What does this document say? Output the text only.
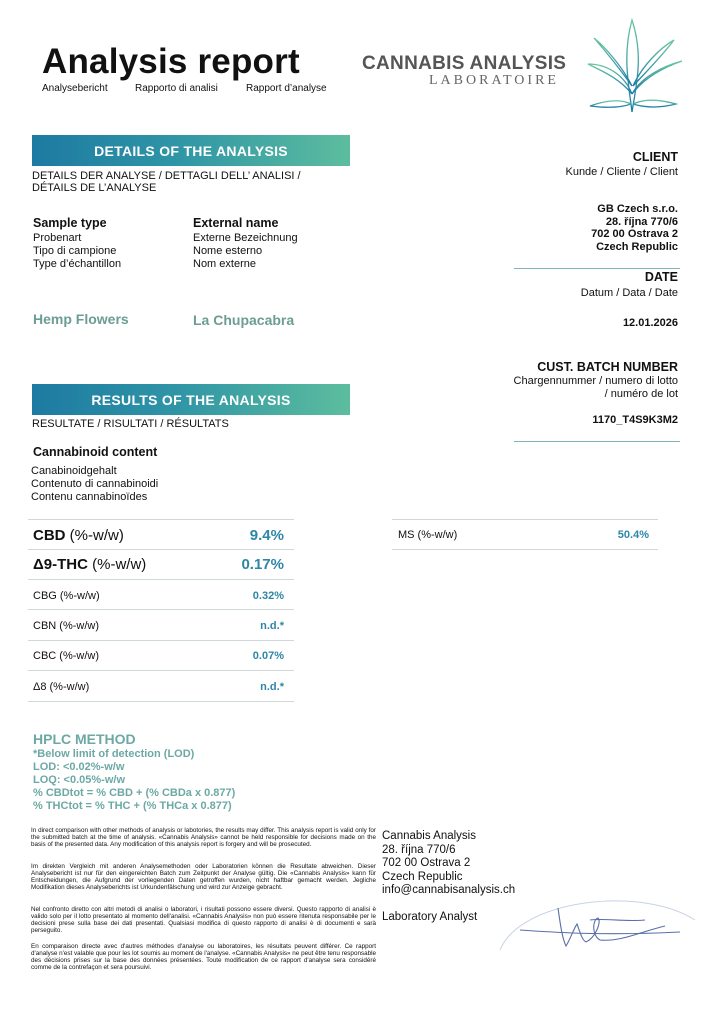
Analysis report
Analysebericht	Rapporto di analisi	Rapport d’analyse
CANNABIS ANALYSIS
LABORATOIRE
DETAILS OF THE ANALYSIS
DETAILS DER ANALYSE / DETTAGLI DELL’ ANALISI /
DÉTAILS DE L’ANALYSE
Sample type
Probenart
Tipo di campione
Type d’échantillon
External name
Externe Bezeichnung
Nome esterno
Nom externe
Hemp Flowers	La Chupacabra
CLIENT
Kunde / Cliente / Client
GB Czech s.r.o.
28. října 770/6
702 00 Ostrava 2
Czech Republic
DATE
Datum / Data / Date
12.01.2026
CUST. BATCH NUMBER
Chargennummer / numero di lotto
/ numéro de lot
1170_T4S9K3M2
RESULTS OF THE ANALYSIS
RESULTATE / RISULTATI / RÉSULTATS
Cannabinoid content
Canabinoidgehalt
Contenuto di cannabinoidi
Contenu cannabinoïdes
CBD (%-w/w)	9.4%
Δ9-THC (%-w/w)	0.17%
CBG (%-w/w)	0.32%
CBN (%-w/w)	n.d.*
CBC (%-w/w)	0.07%
Δ8 (%-w/w)	n.d.*
MS (%-w/w)	50.4%
HPLC METHOD
*Below limit of detection (LOD)
LOD: <0.02%-w/w
LOQ: <0.05%-w/w
% CBDtot = % CBD + (% CBDa x 0.877)
% THCtot = % THC + (% THCa x 0.877)
In direct comparison with other methods of analysis or labotories, the results may differ. This analysis report is valid only for the submitted batch at the time of analysis. «Cannabis Analysis» cannot be held responsible for decisions made on the basis of the presented data. Any modification of this analysis report is forgery and will be prosecuted.
Im direkten Vergleich mit anderen Analysemethoden oder Laboratorien können die Resultate abweichen. Dieser Analysebericht ist nur für den eingereichten Batch zum Zeitpunkt der Analyse gültig. Die «Cannabis Analysis» kann für Entscheidungen, die Aufgrund der vorliegenden Daten getroffen wurden, nicht haftbar gemacht werden. Jegliche Modifikation dieses Analyseberichts ist Urkundenfälschung und wird zur Anzeige gebracht.
Nel confronto diretto con altri metodi di analisi o laboratori, i risultati possono essere diversi. Questo rapporto di analisi è valido solo per il lotto presentato al momento dell'analisi. «Cannabis Analysis» non può essere ritenuta responsabile per le decisioni prese sulla base dei dati presentati. Qualsiasi modifica di questo rapporto di analisi è di documenti e sarà perseguito.
En comparaison directe avec d'autres méthodes d'analyse ou laboratoires, les résultats peuvent différer. Ce rapport d'analyse n'est valable que pour les lot soumis au moment de l'analyse. «Cannabis Analysis» ne peut être tenu responsable des décisions prises sur la base des données présentées. Toute modification de ce rapport d'analyse sera considéré comme de la contrefaçon et sera poursuivi.
Cannabis Analysis
28. října 770/6
702 00 Ostrava 2
Czech Republic
info@cannabisanalysis.ch
Laboratory Analyst
